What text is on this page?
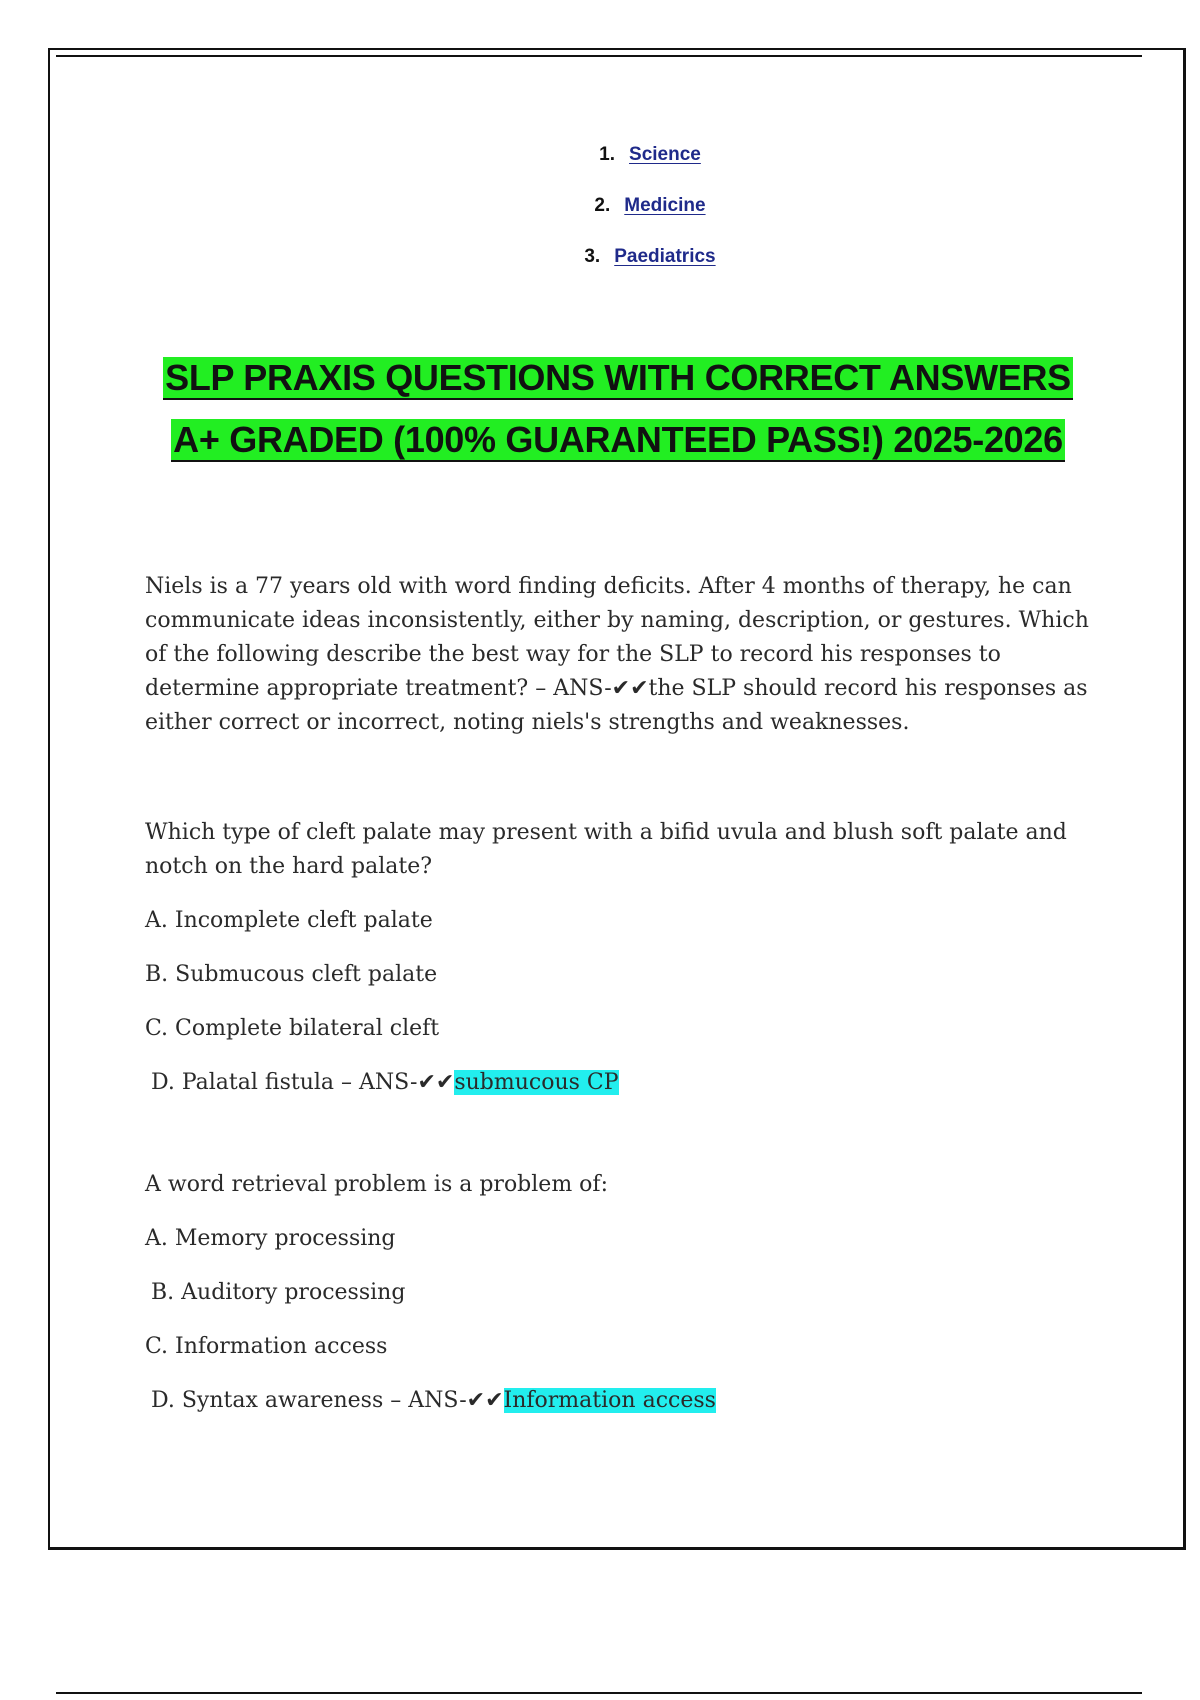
1. Science
2. Medicine
3. Paediatrics
SLP PRAXIS QUESTIONS WITH CORRECT ANSWERS
A+ GRADED (100% GUARANTEED PASS!) 2025-2026

Niels is a 77 years old with word finding deficits. After 4 months of therapy, he can communicate ideas inconsistently, either by naming, description, or gestures. Which of the following describe the best way for the SLP to record his responses to determine appropriate treatment? – ANS-✔✔the SLP should record his responses as either correct or incorrect, noting niels's strengths and weaknesses.

Which type of cleft palate may present with a bifid uvula and blush soft palate and notch on the hard palate?

A. Incomplete cleft palate
B. Submucous cleft palate
C. Complete bilateral cleft
D. Palatal fistula – ANS-✔✔submucous CP

A word retrieval problem is a problem of:

A. Memory processing
B. Auditory processing
C. Information access
D. Syntax awareness – ANS-✔✔Information access
